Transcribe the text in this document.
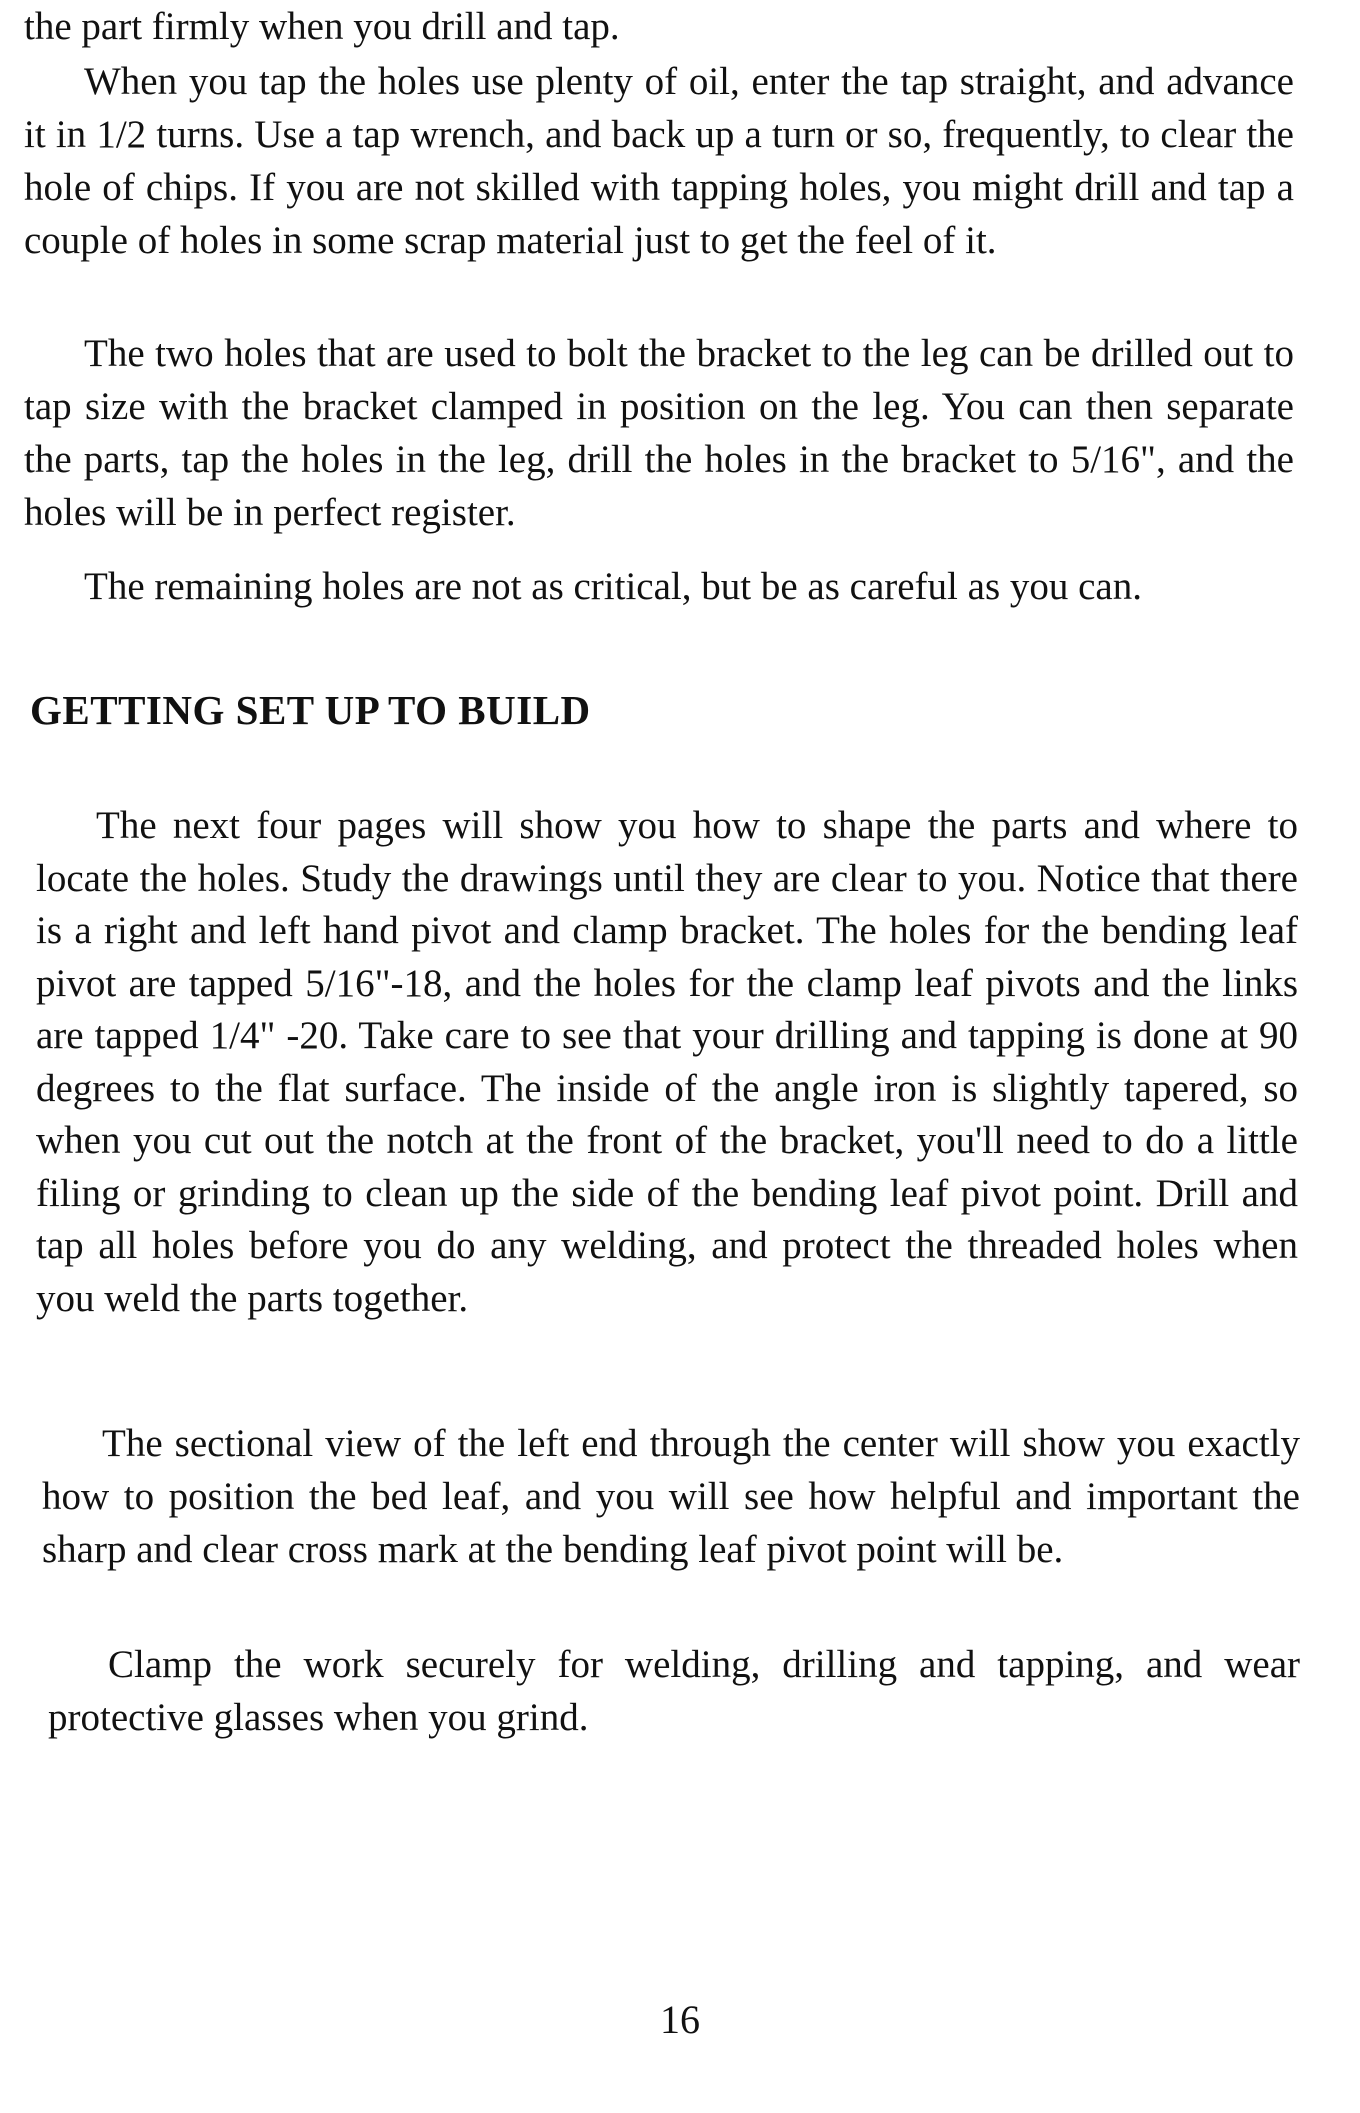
the part firmly when you drill and tap.

When you tap the holes use plenty of oil, enter the tap straight, and advance it in 1/2 turns. Use a tap wrench, and back up a turn or so, frequently, to clear the hole of chips. If you are not skilled with tapping holes, you might drill and tap a couple of holes in some scrap material just to get the feel of it.

The two holes that are used to bolt the bracket to the leg can be drilled out to tap size with the bracket clamped in position on the leg. You can then separate the parts, tap the holes in the leg, drill the holes in the bracket to 5/16", and the holes will be in perfect register.

The remaining holes are not as critical, but be as careful as you can.

GETTING SET UP TO BUILD

The next four pages will show you how to shape the parts and where to locate the holes. Study the drawings until they are clear to you. Notice that there is a right and left hand pivot and clamp bracket. The holes for the bending leaf pivot are tapped 5/16"-18, and the holes for the clamp leaf pivots and the links are tapped 1/4" -20. Take care to see that your drilling and tapping is done at 90 degrees to the flat surface. The inside of the angle iron is slightly tapered, so when you cut out the notch at the front of the bracket, you'll need to do a little filing or grinding to clean up the side of the bending leaf pivot point. Drill and tap all holes before you do any welding, and protect the threaded holes when you weld the parts together.

The sectional view of the left end through the center will show you exactly how to position the bed leaf, and you will see how helpful and important the sharp and clear cross mark at the bending leaf pivot point will be.

Clamp the work securely for welding, drilling and tapping, and wear protective glasses when you grind.

16
